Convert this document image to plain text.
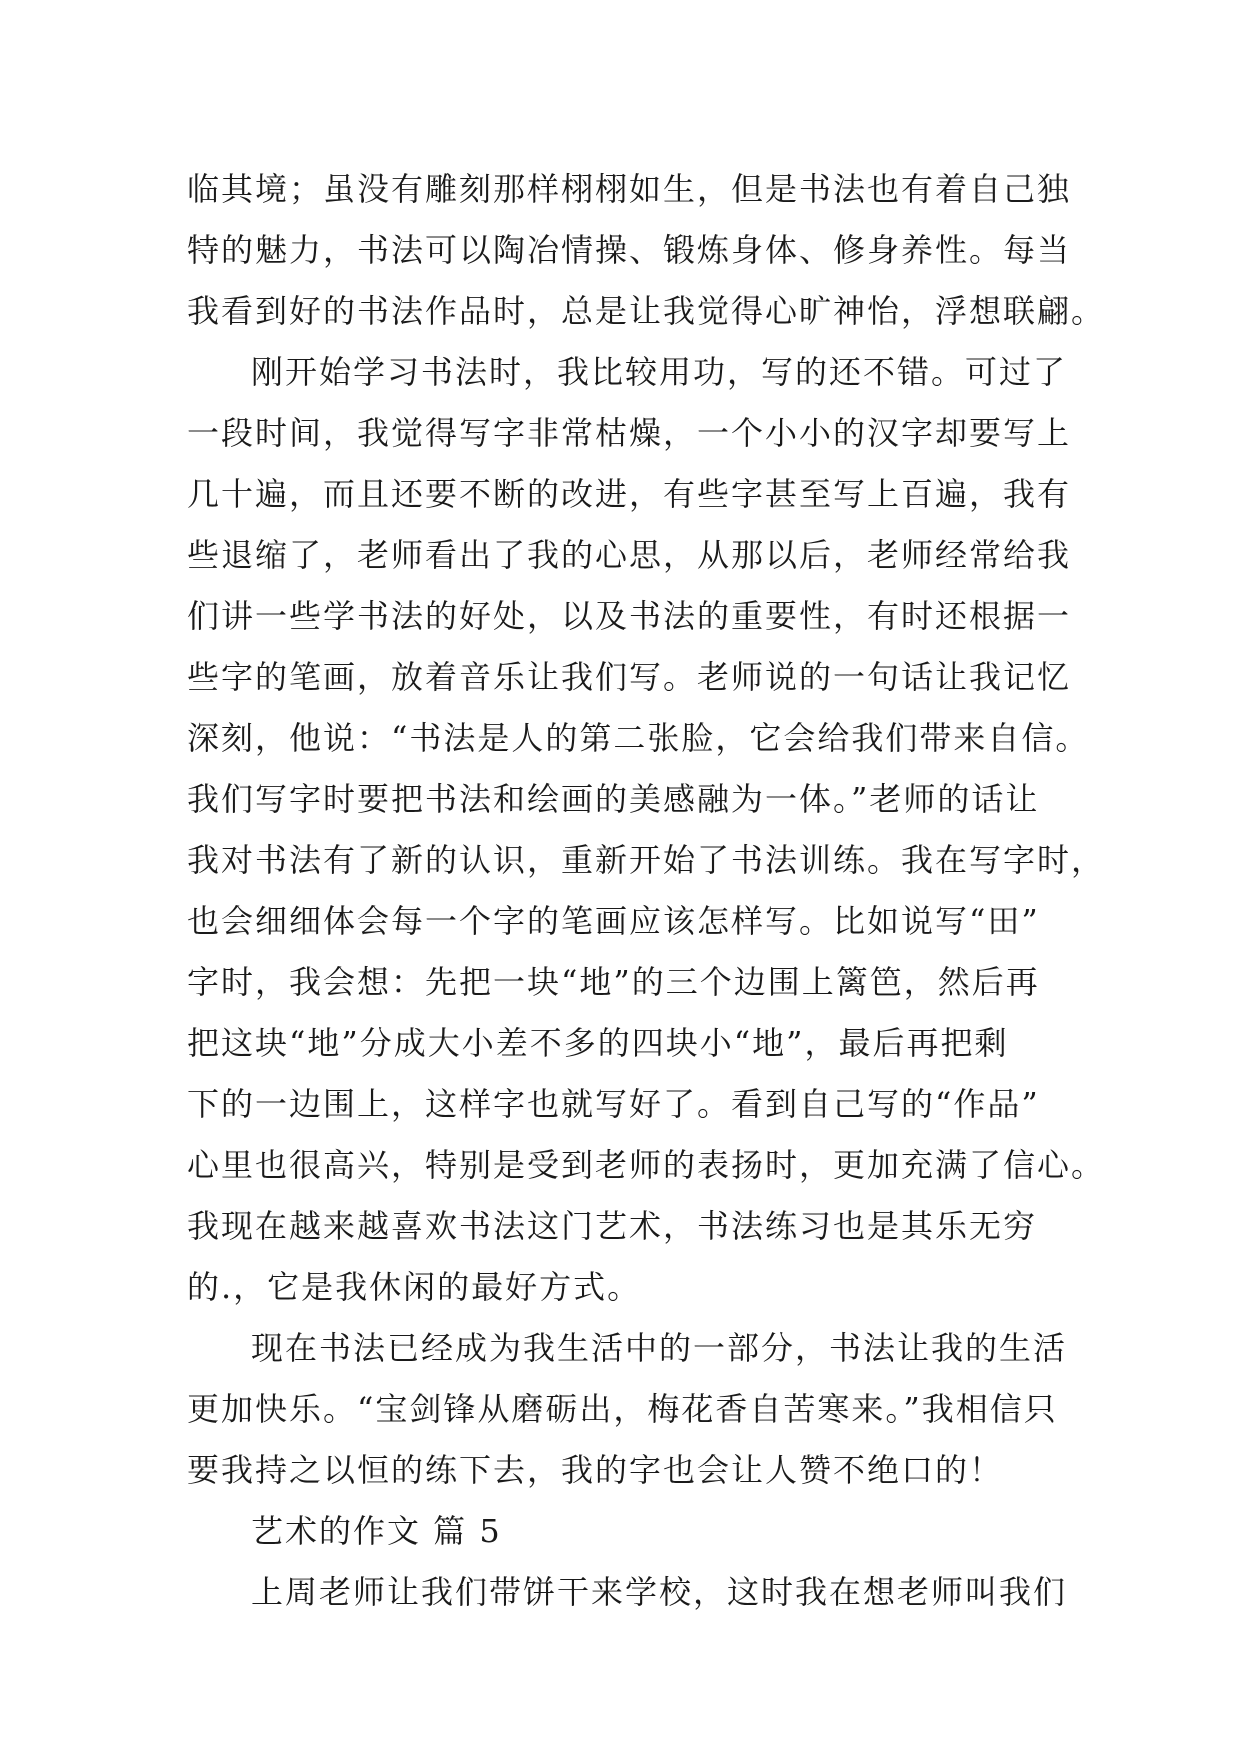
临其境；虽没有雕刻那样栩栩如生，但是书法也有着自己独
特的魅力，书法可以陶冶情操、锻炼身体、修身养性。每当
我看到好的书法作品时，总是让我觉得心旷神怡，浮想联翩。
刚开始学习书法时，我比较用功，写的还不错。可过了
一段时间，我觉得写字非常枯燥，一个小小的汉字却要写上
几十遍，而且还要不断的改进，有些字甚至写上百遍，我有
些退缩了，老师看出了我的心思，从那以后，老师经常给我
们讲一些学书法的好处，以及书法的重要性，有时还根据一
些字的笔画，放着音乐让我们写。老师说的一句话让我记忆
深刻，他说：“书法是人的第二张脸，它会给我们带来自信。
我们写字时要把书法和绘画的美感融为一体。”老师的话让
我对书法有了新的认识，重新开始了书法训练。我在写字时，
也会细细体会每一个字的笔画应该怎样写。比如说写“田”
字时，我会想：先把一块“地”的三个边围上篱笆，然后再
把这块“地”分成大小差不多的四块小“地”，最后再把剩
下的一边围上，这样字也就写好了。看到自己写的“作品”
心里也很高兴，特别是受到老师的表扬时，更加充满了信心。
我现在越来越喜欢书法这门艺术，书法练习也是其乐无穷
的.，它是我休闲的最好方式。
现在书法已经成为我生活中的一部分，书法让我的生活
更加快乐。“宝剑锋从磨砺出，梅花香自苦寒来。”我相信只
要我持之以恒的练下去，我的字也会让人赞不绝口的！
艺术的作文 篇 5
上周老师让我们带饼干来学校，这时我在想老师叫我们
